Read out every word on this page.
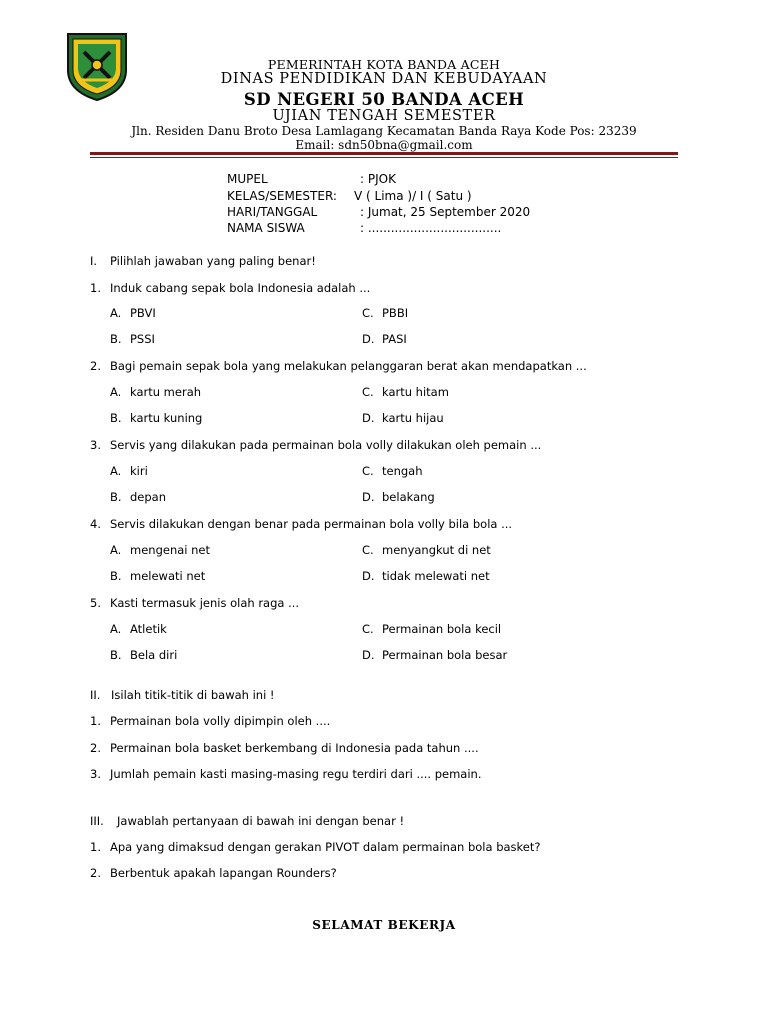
PEMERINTAH KOTA BANDA ACEH
DINAS PENDIDIKAN DAN KEBUDAYAAN
SD NEGERI 50 BANDA ACEH
UJIAN TENGAH SEMESTER
Jln. Residen Danu Broto Desa Lamlagang Kecamatan Banda Raya Kode Pos: 23239
Email: sdn50bna@gmail.com
MUPEL	: PJOK
KELAS/SEMESTER: V ( Lima )/ I ( Satu )
HARI/TANGGAL	: Jumat, 25 September 2020
NAMA SISWA	: ...................................
I. Pilihlah jawaban yang paling benar!
1. Induk cabang sepak bola Indonesia adalah ...
A. PBVI	C. PBBI
B. PSSI	D. PASI
2. Bagi pemain sepak bola yang melakukan pelanggaran berat akan mendapatkan ...
A. kartu merah	C. kartu hitam
B. kartu kuning	D. kartu hijau
3. Servis yang dilakukan pada permainan bola volly dilakukan oleh pemain ...
A. kiri	C. tengah
B. depan	D. belakang
4. Servis dilakukan dengan benar pada permainan bola volly bila bola ...
A. mengenai net	C. menyangkut di net
B. melewati net	D. tidak melewati net
5. Kasti termasuk jenis olah raga ...
A. Atletik	C. Permainan bola kecil
B. Bela diri	D. Permainan bola besar
II. Isilah titik-titik di bawah ini !
1. Permainan bola volly dipimpin oleh ....
2. Permainan bola basket berkembang di Indonesia pada tahun ....
3. Jumlah pemain kasti masing-masing regu terdiri dari .... pemain.
III. Jawablah pertanyaan di bawah ini dengan benar !
1. Apa yang dimaksud dengan gerakan PIVOT dalam permainan bola basket?
2. Berbentuk apakah lapangan Rounders?
SELAMAT BEKERJA
